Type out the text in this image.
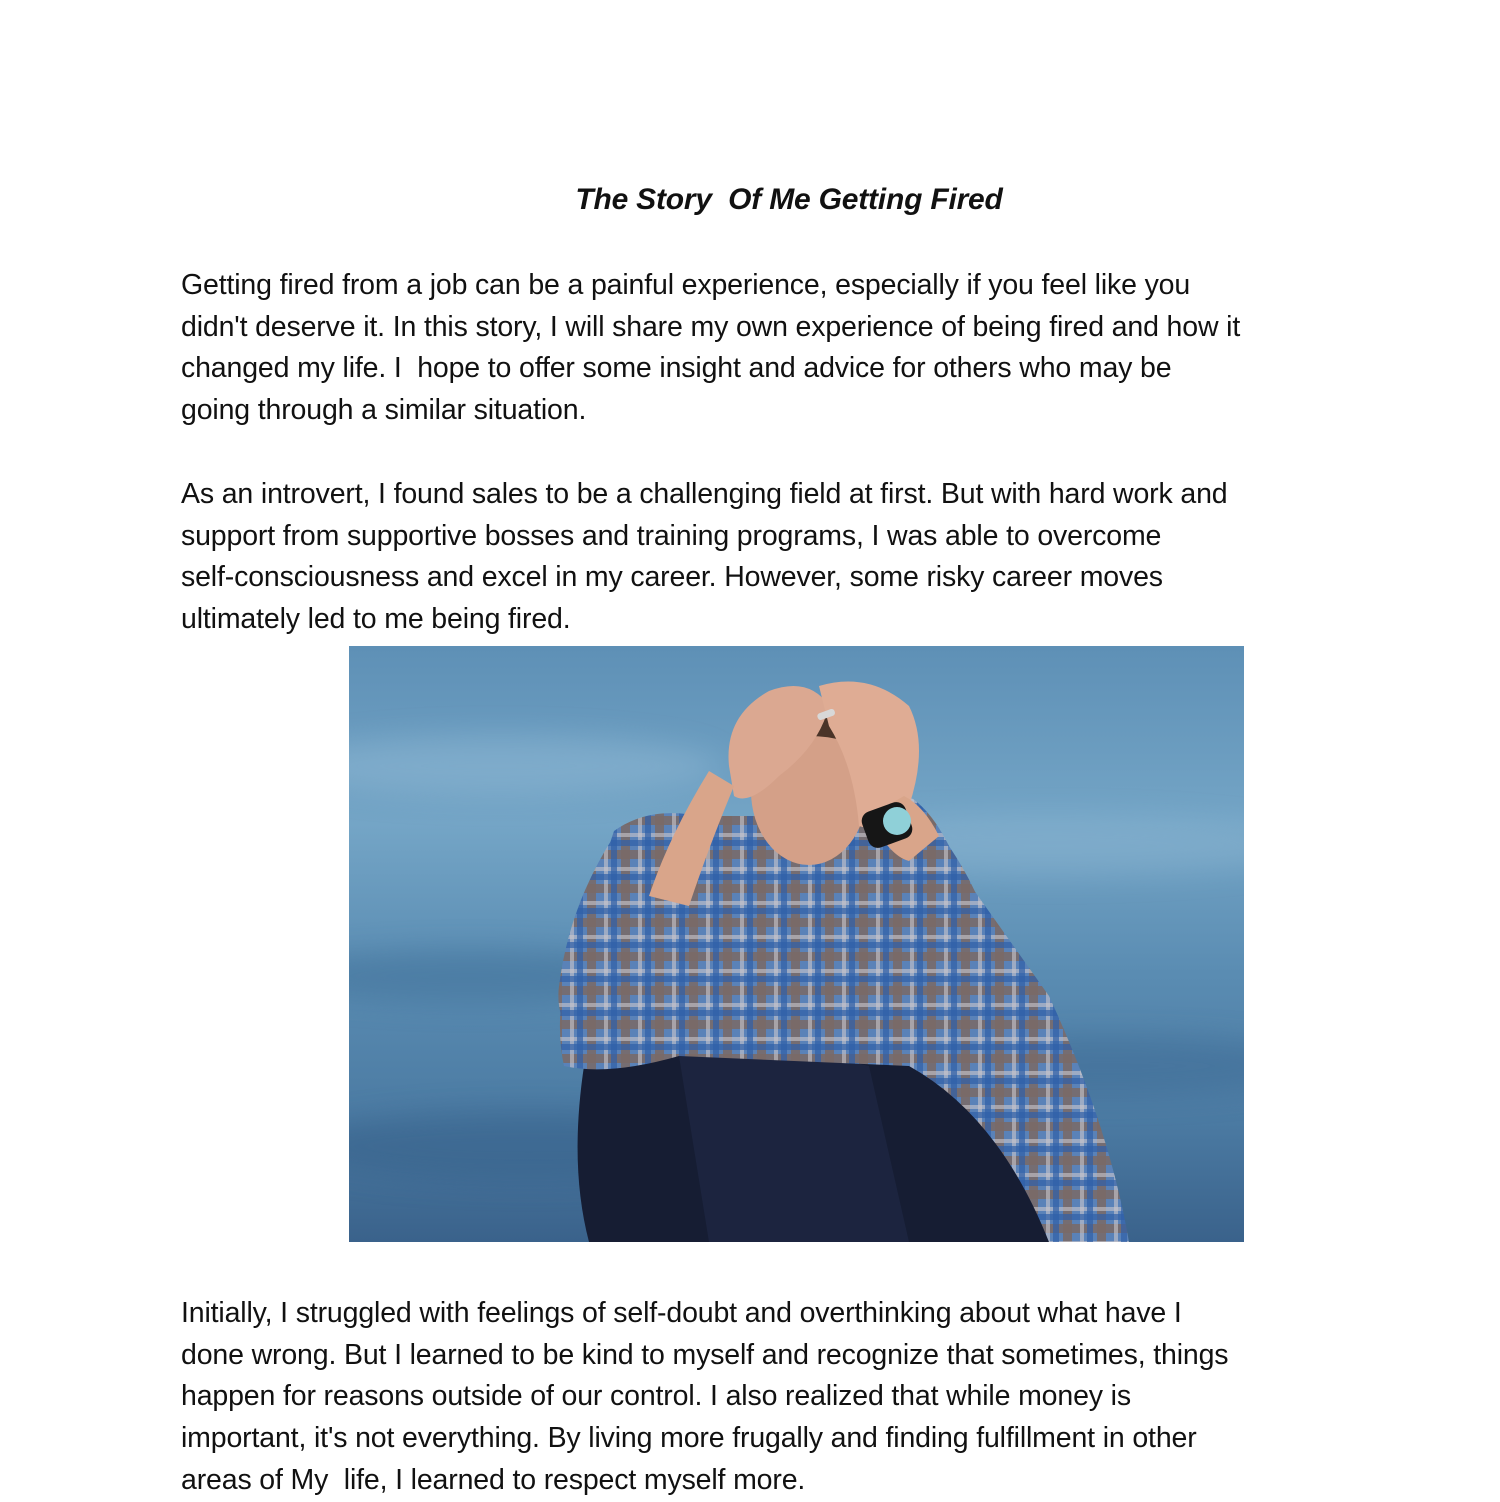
The Story  Of Me Getting Fired
Getting fired from a job can be a painful experience, especially if you feel like you
didn't deserve it. In this story, I will share my own experience of being fired and how it
changed my life. I  hope to offer some insight and advice for others who may be
going through a similar situation.
As an introvert, I found sales to be a challenging field at first. But with hard work and
support from supportive bosses and training programs, I was able to overcome
self-consciousness and excel in my career. However, some risky career moves
ultimately led to me being fired.
Initially, I struggled with feelings of self-doubt and overthinking about what have I
done wrong. But I learned to be kind to myself and recognize that sometimes, things
happen for reasons outside of our control. I also realized that while money is
important, it's not everything. By living more frugally and finding fulfillment in other
areas of My  life, I learned to respect myself more.
